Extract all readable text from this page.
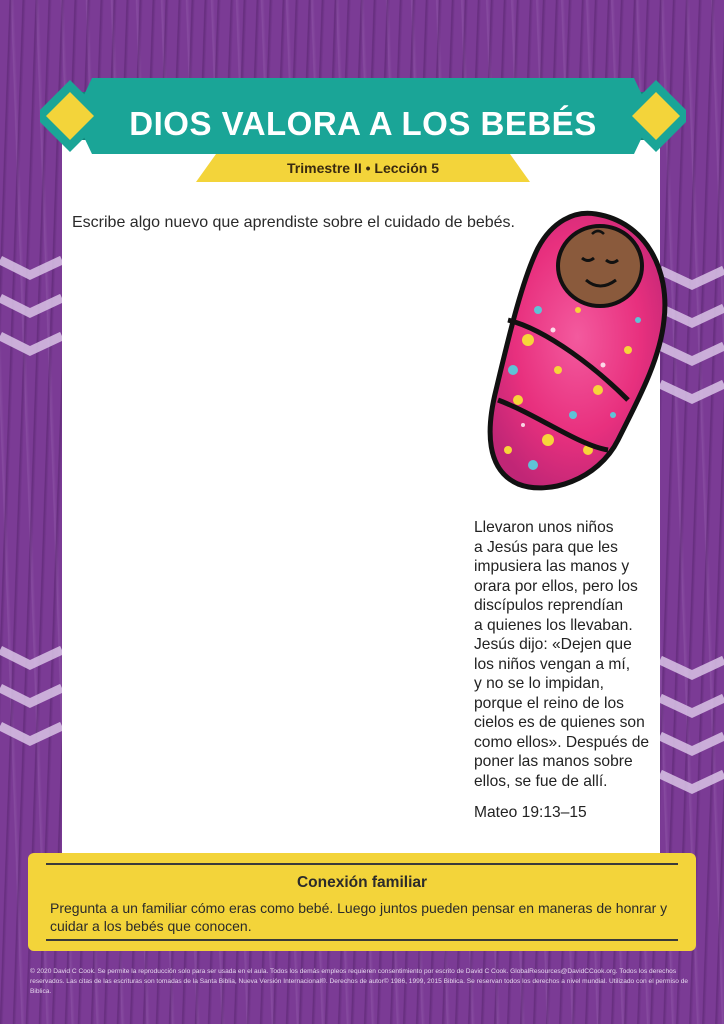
DIOS VALORA A LOS BEBÉS
Trimestre II • Lección 5
Escribe algo nuevo que aprendiste sobre el cuidado de bebés.
Llevaron unos niños
a Jesús para que les
impusiera las manos y
orara por ellos, pero los
discípulos reprendían
a quienes los llevaban.
Jesús dijo: «Dejen que
los niños vengan a mí,
y no se lo impidan,
porque el reino de los
cielos es de quienes son
como ellos». Después de
poner las manos sobre
ellos, se fue de allí.
Mateo 19:13–15
Conexión familiar
Pregunta a un familiar cómo eras como bebé. Luego juntos pueden pensar en maneras de honrar y cuidar a los bebés que conocen.
© 2020 David C Cook. Se permite la reproducción solo para ser usada en el aula. Todos los demás empleos requieren consentimiento por escrito de David C Cook. GlobalResources@DavidCCook.org. Todos los derechos
reservados. Las citas de las escrituras son tomadas de la Santa Biblia, Nueva Versión Internacional®. Derechos de autor© 1986, 1999, 2015 Biblica. Se reservan todos los derechos a nivel mundial. Utilizado con el permiso de Biblica.
